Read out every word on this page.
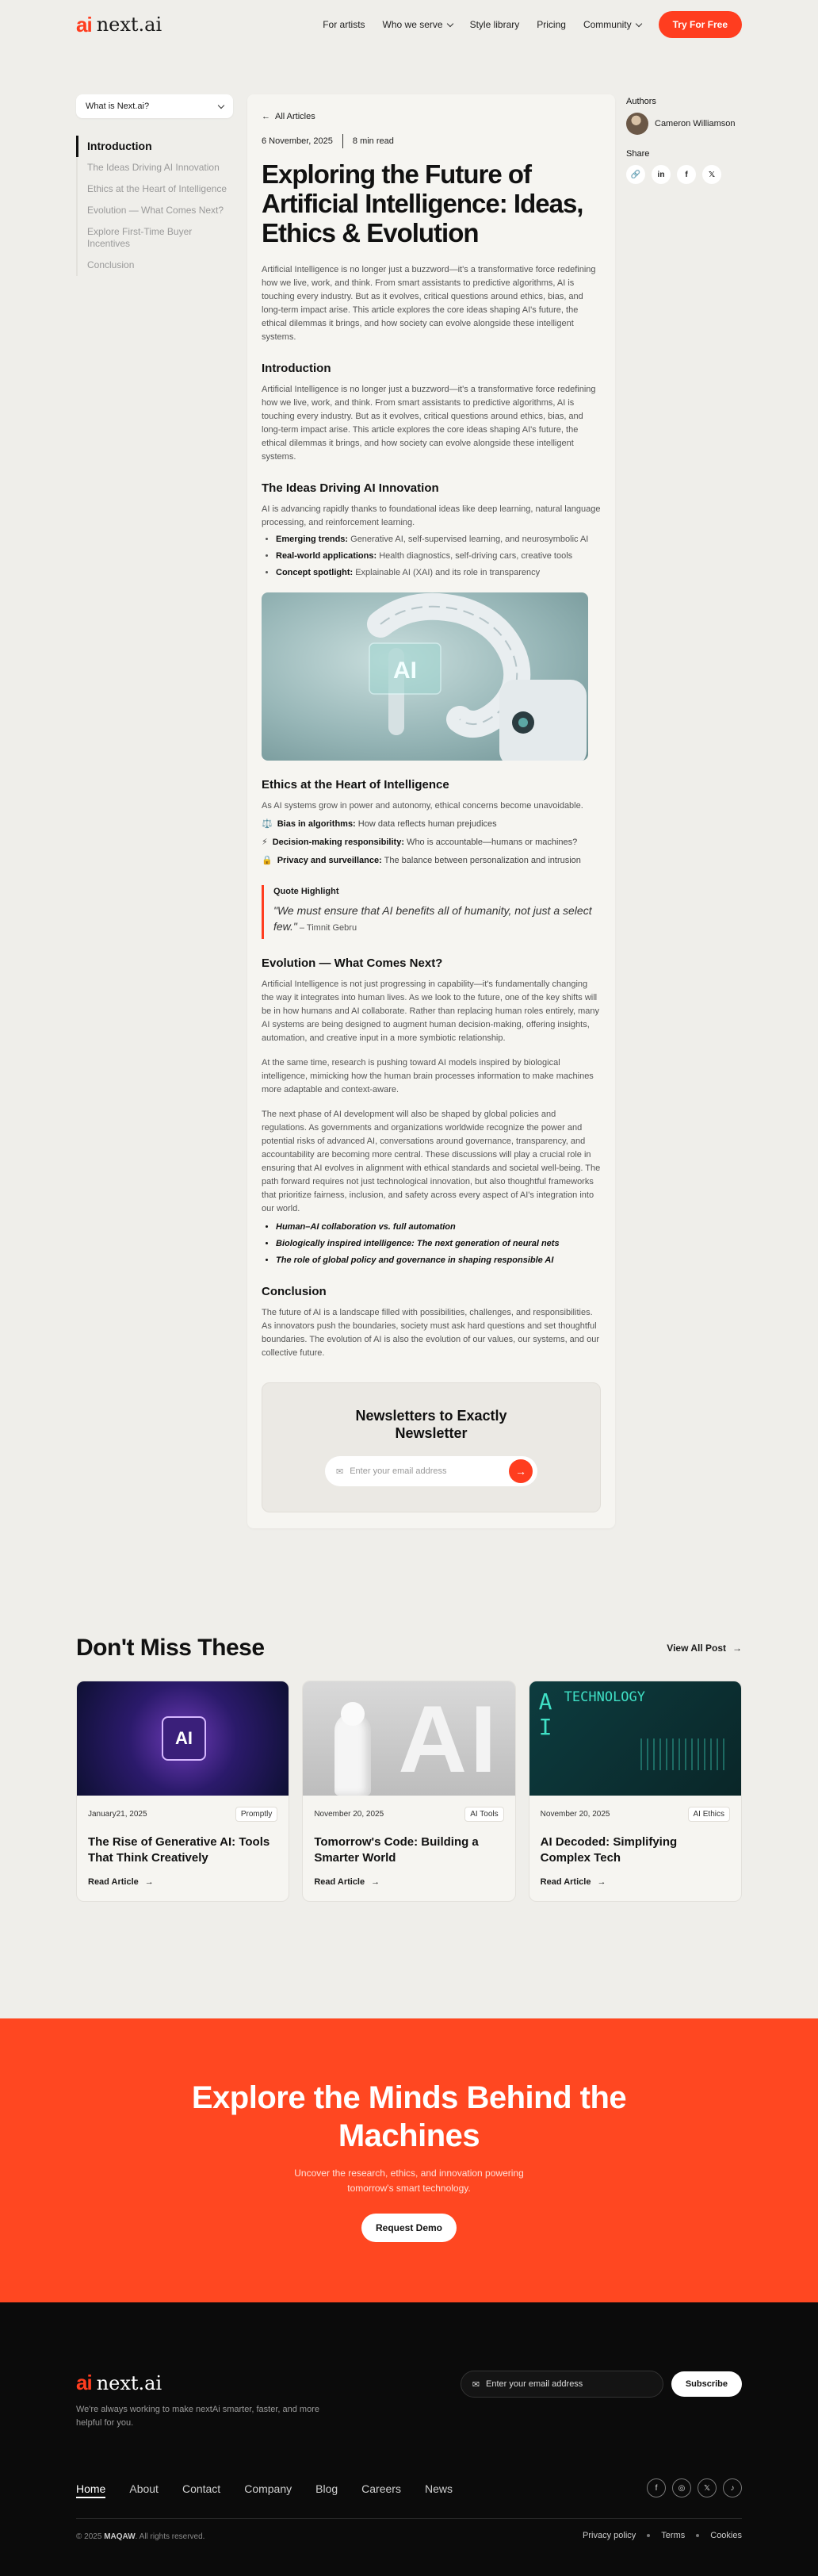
ai next.ai	For artists Who we serve	Style library Pricing Community	Try For Free
What is Next.ai?
Introduction
The Ideas Driving AI Innovation
Ethics at the Heart of Intelligence
Evolution — What Comes Next?
Explore First-Time Buyer Incentives
Conclusion
← All Articles
6 November, 2025 8 min read
Exploring the Future of Artificial Intelligence: Ideas, Ethics & Evolution

Artificial Intelligence is no longer just a buzzword—it's a transformative force redefining how we live, work, and think. From smart assistants to predictive algorithms, AI is touching every industry. But as it evolves, critical questions around ethics, bias, and long-term impact arise. This article explores the core ideas shaping AI's future, the ethical dilemmas it brings, and how society can evolve alongside these intelligent systems.

Introduction

Artificial Intelligence is no longer just a buzzword—it's a transformative force redefining how we live, work, and think. From smart assistants to predictive algorithms, AI is touching every industry. But as it evolves, critical questions around ethics, bias, and long-term impact arise. This article explores the core ideas shaping AI's future, the ethical dilemmas it brings, and how society can evolve alongside these intelligent systems.

The Ideas Driving AI Innovation

AI is advancing rapidly thanks to foundational ideas like deep learning, natural language processing, and reinforcement learning.

• Emerging trends: Generative AI, self-supervised learning, and neurosymbolic AI
• Real-world applications: Health diagnostics, self-driving cars, creative tools
• Concept spotlight: Explainable AI (XAI) and its role in transparency
AI
Ethics at the Heart of Intelligence

As AI systems grow in power and autonomy, ethical concerns become unavoidable.

⚖️ Bias in algorithms: How data reflects human prejudices
⚡ Decision-making responsibility: Who is accountable—humans or machines?
🔒 Privacy and surveillance: The balance between personalization and intrusion
Quote Highlight
"We must ensure that AI benefits all of humanity, not just a select few." – Timnit Gebru
Evolution — What Comes Next?

Artificial Intelligence is not just progressing in capability—it's fundamentally changing the way it integrates into human lives. As we look to the future, one of the key shifts will be in how humans and AI collaborate. Rather than replacing human roles entirely, many AI systems are being designed to augment human decision-making, offering insights, automation, and creative input in a more symbiotic relationship.

At the same time, research is pushing toward AI models inspired by biological intelligence, mimicking how the human brain processes information to make machines more adaptable and context-aware.

The next phase of AI development will also be shaped by global policies and regulations. As governments and organizations worldwide recognize the power and potential risks of advanced AI, conversations around governance, transparency, and accountability are becoming more central. These discussions will play a crucial role in ensuring that AI evolves in alignment with ethical standards and societal well-being. The path forward requires not just technological innovation, but also thoughtful frameworks that prioritize fairness, inclusion, and safety across every aspect of AI's integration into our world.

• Human–AI collaboration vs. full automation
• Biologically inspired intelligence: The next generation of neural nets
• The role of global policy and governance in shaping responsible AI
Conclusion

The future of AI is a landscape filled with possibilities, challenges, and responsibilities. As innovators push the boundaries, society must ask hard questions and set thoughtful boundaries. The evolution of AI is also the evolution of our values, our systems, and our collective future.

Newsletters to Exactly Newsletter
✉ Enter your email address	→
Authors
Cameron Williamson
Share
🔗	in	f	𝕏
Don't Miss These	View All Post →
AI
January21, 2025	Promptly
The Rise of Generative AI: Tools That Think Creatively
Read Article →
AI
November 20, 2025	AI Tools
Tomorrow's Code: Building a Smarter World
Read Article →
A
I
TECHNOLOGY
November 20, 2025	AI Ethics
AI Decoded: Simplifying Complex Tech
Read Article →
Explore the Minds Behind the Machines

Uncover the research, ethics, and innovation powering tomorrow's smart technology.

Request Demo
ai next.ai

We're always working to make nextAi smarter, faster, and more helpful for you.

✉ Enter your email address	Subscribe
Home About Contact Company Blog Careers News	f	◎	𝕏	♪
© 2025 MAQAW. All rights reserved.	Privacy policy	Terms	Cookies
